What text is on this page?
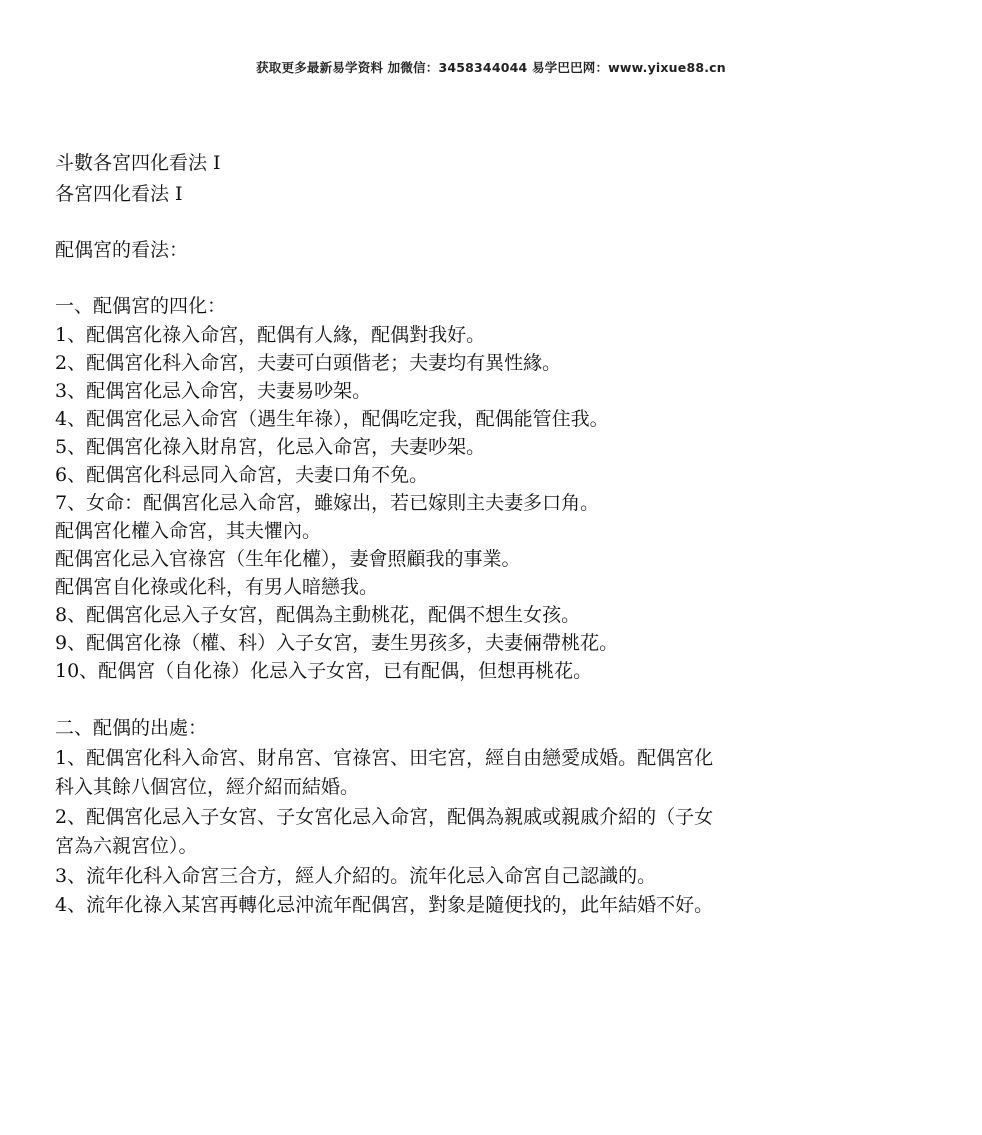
获取更多最新易学资料 加微信：3458344044 易学巴巴网：www.yixue88.cn
斗數各宮四化看法 I
各宮四化看法 I
配偶宮的看法：
一、配偶宮的四化：
1、配偶宮化祿入命宮，配偶有人緣，配偶對我好。
2、配偶宮化科入命宮，夫妻可白頭偕老；夫妻均有異性緣。
3、配偶宮化忌入命宮，夫妻易吵架。
4、配偶宮化忌入命宮（遇生年祿），配偶吃定我，配偶能管住我。
5、配偶宮化祿入財帛宮，化忌入命宮，夫妻吵架。
6、配偶宮化科忌同入命宮，夫妻口角不免。
7、女命：配偶宮化忌入命宮，雖嫁出，若已嫁則主夫妻多口角。
配偶宮化權入命宮，其夫懼內。
配偶宮化忌入官祿宮（生年化權），妻會照顧我的事業。
配偶宮自化祿或化科，有男人暗戀我。
8、配偶宮化忌入子女宮，配偶為主動桃花，配偶不想生女孩。
9、配偶宮化祿（權、科）入子女宮，妻生男孩多，夫妻倆帶桃花。
10、配偶宮（自化祿）化忌入子女宮，已有配偶，但想再桃花。
二、配偶的出處：
1、配偶宮化科入命宮、財帛宮、官祿宮、田宅宮，經自由戀愛成婚。配偶宮化
科入其餘八個宮位，經介紹而結婚。
2、配偶宮化忌入子女宮、子女宮化忌入命宮，配偶為親戚或親戚介紹的（子女
宮為六親宮位）。
3、流年化科入命宮三合方，經人介紹的。流年化忌入命宮自己認識的。
4、流年化祿入某宮再轉化忌沖流年配偶宮，對象是隨便找的，此年結婚不好。
